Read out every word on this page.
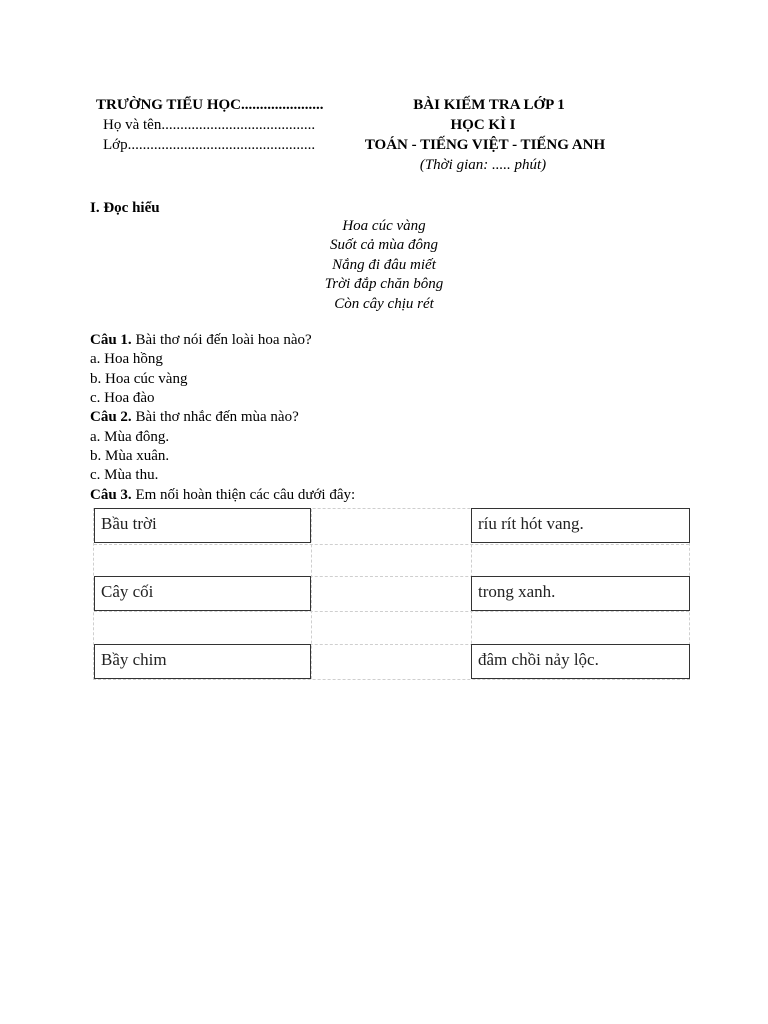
TRƯỜNG TIỂU HỌC......................
Họ và tên.........................................
Lớp..................................................
BÀI KIẾM TRA LỚP 1
HỌC KÌ I
TOÁN - TIẾNG VIỆT - TIẾNG ANH
(Thời gian: ..... phút)
I. Đọc hiểu
Hoa cúc vàng
Suốt cả mùa đông
Nắng đi đâu miết
Trời đắp chăn bông
Còn cây chịu rét
Câu 1. Bài thơ nói đến loài hoa nào?
a. Hoa hồng
b. Hoa cúc vàng
c. Hoa đào
Câu 2. Bài thơ nhắc đến mùa nào?
a. Mùa đông.
b. Mùa xuân.
c. Mùa thu.
Câu 3. Em nối hoàn thiện các câu dưới đây:
Bầu trời
Cây cối
Bầy chim
ríu rít hót vang.
trong xanh.
đâm chồi nảy lộc.
